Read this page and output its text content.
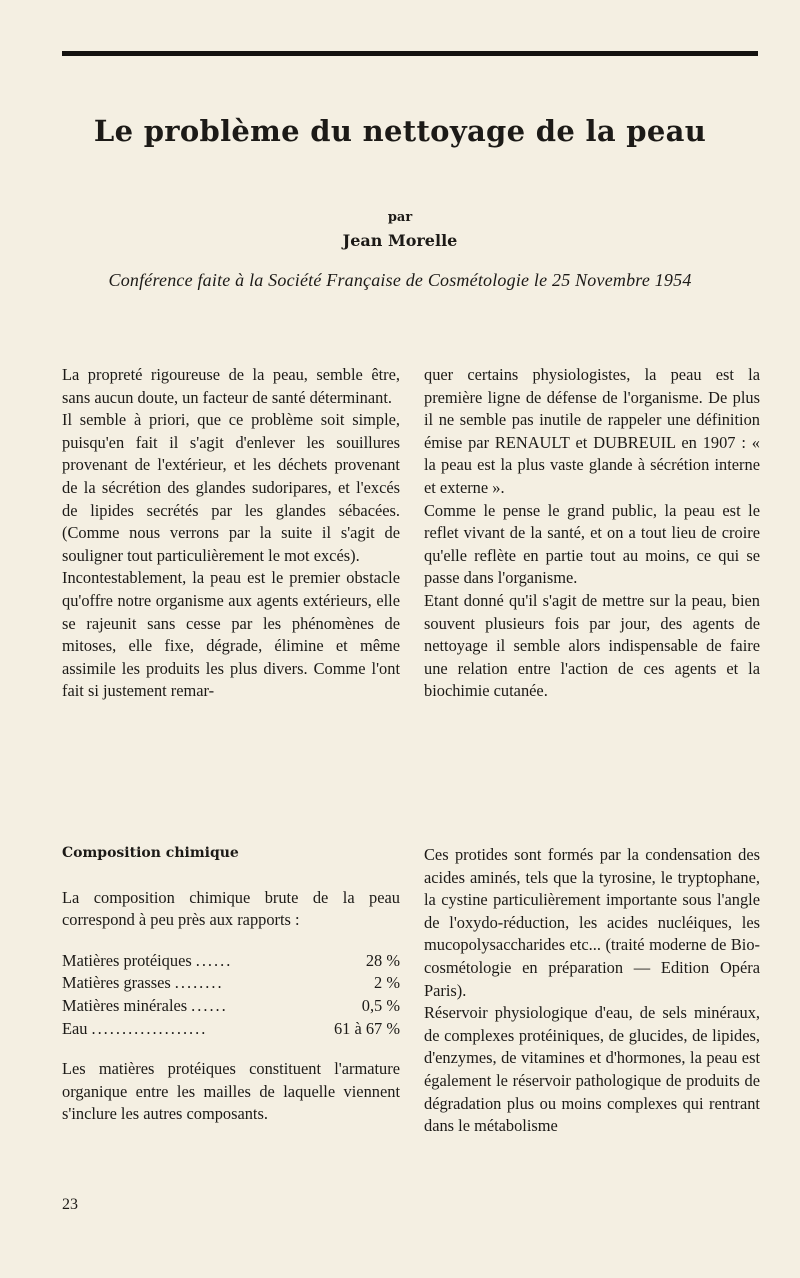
Le problème du nettoyage de la peau
par
Jean Morelle
Conférence faite à la Société Française de Cosmétologie le 25 Novembre 1954

La propreté rigoureuse de la peau, semble être, sans aucun doute, un facteur de santé déterminant.

Il semble à priori, que ce problème soit simple, puisqu'en fait il s'agit d'enlever les souillures provenant de l'extérieur, et les déchets provenant de la sécrétion des glandes sudoripares, et l'excés de lipides secrétés par les glandes sébacées. (Comme nous verrons par la suite il s'agit de souligner tout particulièrement le mot excés).

Incontestablement, la peau est le premier obstacle qu'offre notre organisme aux agents extérieurs, elle se rajeunit sans cesse par les phénomènes de mitoses, elle fixe, dégrade, élimine et même assimile les produits les plus divers. Comme l'ont fait si justement remar-

quer certains physiologistes, la peau est la première ligne de défense de l'organisme. De plus il ne semble pas inutile de rappeler une définition émise par RENAULT et DUBREUIL en 1907 : « la peau est la plus vaste glande à sécrétion interne et externe ».

Comme le pense le grand public, la peau est le reflet vivant de la santé, et on a tout lieu de croire qu'elle reflète en partie tout au moins, ce qui se passe dans l'organisme.

Etant donné qu'il s'agit de mettre sur la peau, bien souvent plusieurs fois par jour, des agents de nettoyage il semble alors indispensable de faire une relation entre l'action de ces agents et la biochimie cutanée.

Composition chimique

La composition chimique brute de la peau correspond à peu près aux rapports :

Matières protéiques ......	28 %
Matières grasses ........	2 %
Matières minérales ......	0,5 %
Eau ...................	61 à 67 %

Les matières protéiques constituent l'armature organique entre les mailles de laquelle viennent s'inclure les autres composants.

Ces protides sont formés par la condensation des acides aminés, tels que la tyrosine, le tryptophane, la cystine particulièrement importante sous l'angle de l'oxydo-réduction, les acides nucléiques, les mucopolysaccharides etc... (traité moderne de Bio-cosmétologie en préparation — Edition Opéra Paris).

Réservoir physiologique d'eau, de sels minéraux, de complexes protéiniques, de glucides, de lipides, d'enzymes, de vitamines et d'hormones, la peau est également le réservoir pathologique de produits de dégradation plus ou moins complexes qui rentrant dans le métabolisme

23
